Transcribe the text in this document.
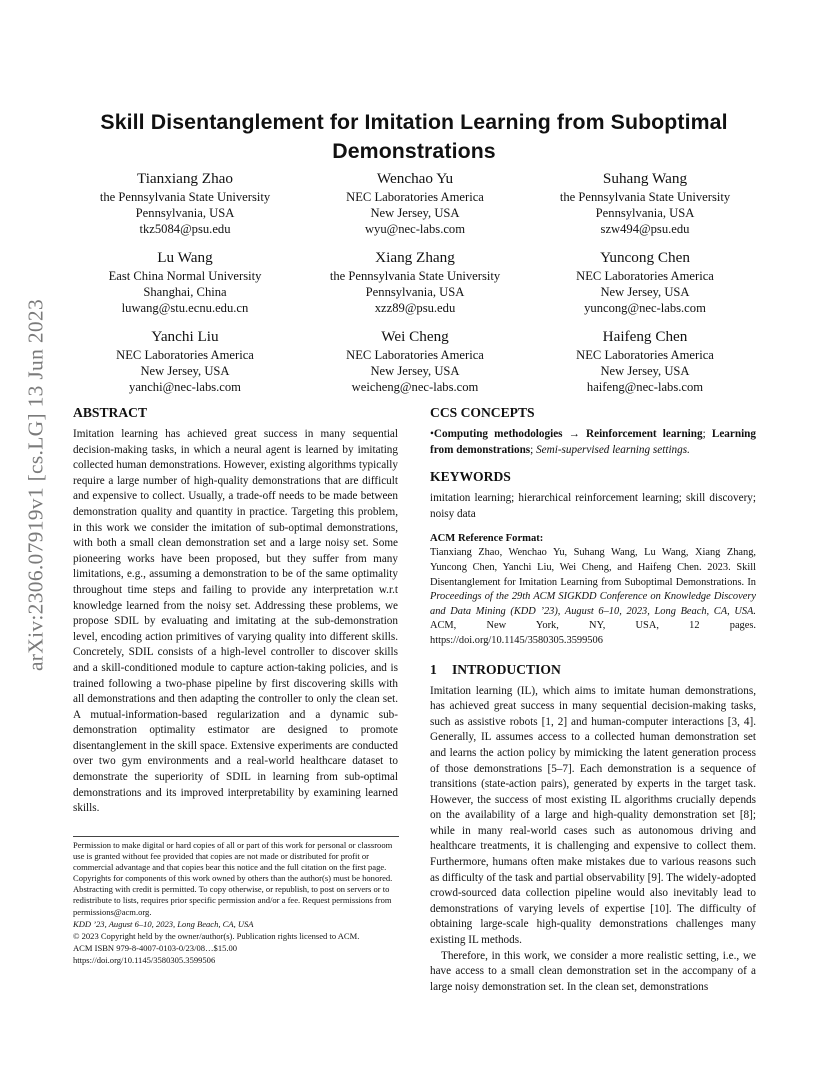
arXiv:2306.07919v1 [cs.LG] 13 Jun 2023
Skill Disentanglement for Imitation Learning from Suboptimal Demonstrations
Tianxiang Zhao
the Pennsylvania State University
Pennsylvania, USA
tkz5084@psu.edu
Wenchao Yu
NEC Laboratories America
New Jersey, USA
wyu@nec-labs.com
Suhang Wang
the Pennsylvania State University
Pennsylvania, USA
szw494@psu.edu
Lu Wang
East China Normal University
Shanghai, China
luwang@stu.ecnu.edu.cn
Xiang Zhang
the Pennsylvania State University
Pennsylvania, USA
xzz89@psu.edu
Yuncong Chen
NEC Laboratories America
New Jersey, USA
yuncong@nec-labs.com
Yanchi Liu
NEC Laboratories America
New Jersey, USA
yanchi@nec-labs.com
Wei Cheng
NEC Laboratories America
New Jersey, USA
weicheng@nec-labs.com
Haifeng Chen
NEC Laboratories America
New Jersey, USA
haifeng@nec-labs.com
ABSTRACT

Imitation learning has achieved great success in many sequential decision-making tasks, in which a neural agent is learned by imitating collected human demonstrations. However, existing algorithms typically require a large number of high-quality demonstrations that are difficult and expensive to collect. Usually, a trade-off needs to be made between demonstration quality and quantity in practice. Targeting this problem, in this work we consider the imitation of sub-optimal demonstrations, with both a small clean demonstration set and a large noisy set. Some pioneering works have been proposed, but they suffer from many limitations, e.g., assuming a demonstration to be of the same optimality throughout time steps and failing to provide any interpretation w.r.t knowledge learned from the noisy set. Addressing these problems, we propose SDIL by evaluating and imitating at the sub-demonstration level, encoding action primitives of varying quality into different skills. Concretely, SDIL consists of a high-level controller to discover skills and a skill-conditioned module to capture action-taking policies, and is trained following a two-phase pipeline by first discovering skills with all demonstrations and then adapting the controller to only the clean set. A mutual-information-based regularization and a dynamic sub-demonstration optimality estimator are designed to promote disentanglement in the skill space. Extensive experiments are conducted over two gym environments and a real-world healthcare dataset to demonstrate the superiority of SDIL in learning from sub-optimal demonstrations and its improved interpretability by examining learned skills.

CCS CONCEPTS

•Computing methodologies → Reinforcement learning; Learning from demonstrations; Semi-supervised learning settings.

KEYWORDS

imitation learning; hierarchical reinforcement learning; skill discovery; noisy data

ACM Reference Format:

Tianxiang Zhao, Wenchao Yu, Suhang Wang, Lu Wang, Xiang Zhang, Yuncong Chen, Yanchi Liu, Wei Cheng, and Haifeng Chen. 2023. Skill Disentanglement for Imitation Learning from Suboptimal Demonstrations. In Proceedings of the 29th ACM SIGKDD Conference on Knowledge Discovery and Data Mining (KDD ’23), August 6–10, 2023, Long Beach, CA, USA. ACM, New York, NY, USA, 12 pages. https://doi.org/10.1145/3580305.3599506

1 INTRODUCTION

Imitation learning (IL), which aims to imitate human demonstrations, has achieved great success in many sequential decision-making tasks, such as assistive robots [1, 2] and human-computer interactions [3, 4]. Generally, IL assumes access to a collected human demonstration set and learns the action policy by mimicking the latent generation process of those demonstrations [5–7]. Each demonstration is a sequence of transitions (state-action pairs), generated by experts in the target task. However, the success of most existing IL algorithms crucially depends on the availability of a large and high-quality demonstration set [8]; while in many real-world cases such as autonomous driving and healthcare treatments, it is challenging and expensive to collect them. Furthermore, humans often make mistakes due to various reasons such as difficulty of the task and partial observability [9]. The widely-adopted crowd-sourced data collection pipeline would also inevitably lead to demonstrations of varying levels of expertise [10]. The difficulty of obtaining large-scale high-quality demonstrations challenges many existing IL methods.

Therefore, in this work, we consider a more realistic setting, i.e., we have access to a small clean demonstration set in the accompany of a large noisy demonstration set. In the clean set, demonstrations

Permission to make digital or hard copies of all or part of this work for personal or classroom use is granted without fee provided that copies are not made or distributed for profit or commercial advantage and that copies bear this notice and the full citation on the first page. Copyrights for components of this work owned by others than the author(s) must be honored. Abstracting with credit is permitted. To copy otherwise, or republish, to post on servers or to redistribute to lists, requires prior specific permission and/or a fee. Request permissions from permissions@acm.org.

KDD ’23, August 6–10, 2023, Long Beach, CA, USA

© 2023 Copyright held by the owner/author(s). Publication rights licensed to ACM.

ACM ISBN 979-8-4007-0103-0/23/08…$15.00

https://doi.org/10.1145/3580305.3599506
